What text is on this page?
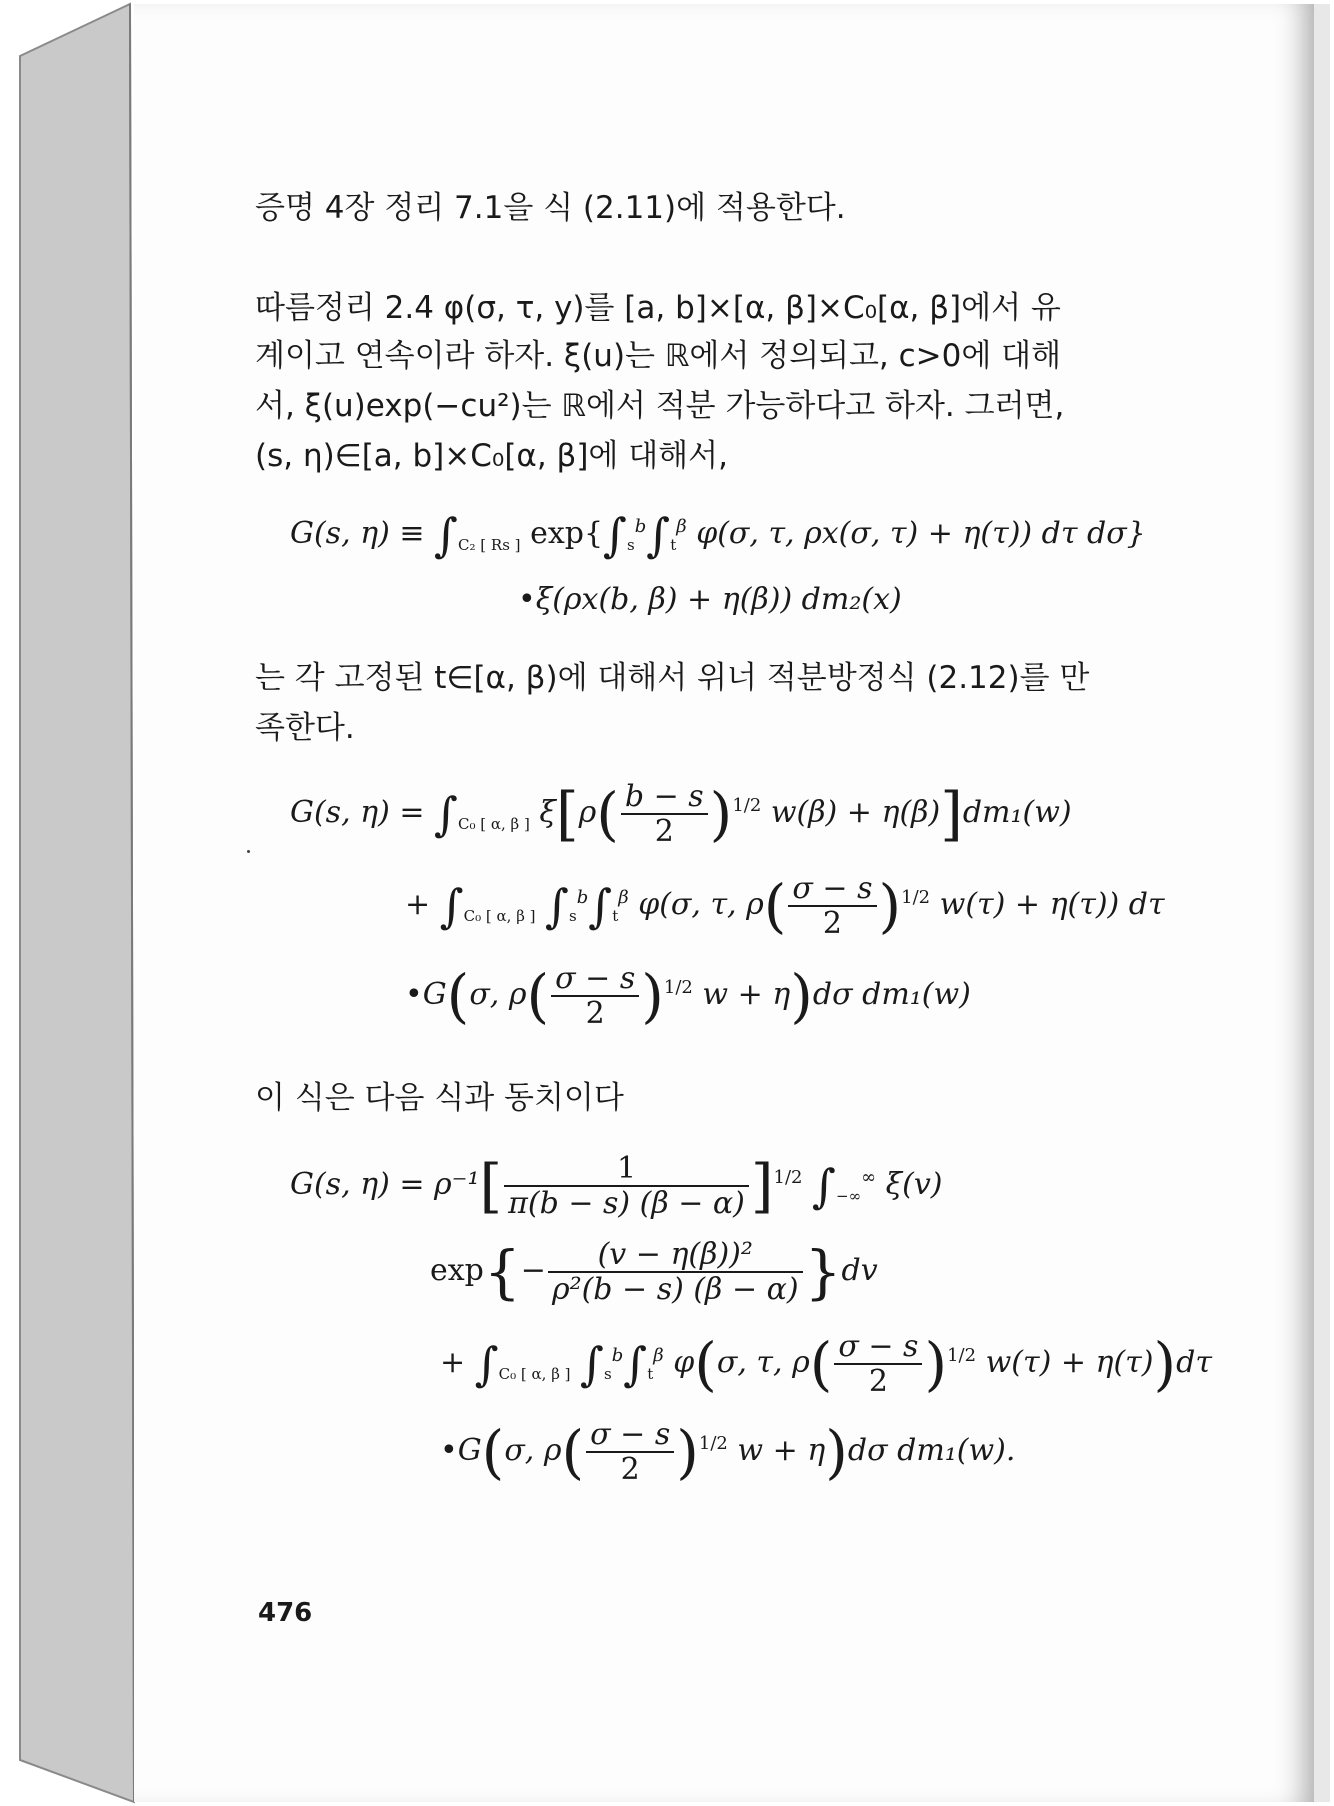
증명 4장 정리 7.1을 식 (2.11)에 적용한다.
따름정리 2.4 φ(σ, τ, y)를 [a, b]×[α, β]×C₀[α, β]에서 유
계이고 연속이라 하자. ξ(u)는 ℝ에서 정의되고, c>0에 대해
서, ξ(u)exp(−cu²)는 ℝ에서 적분 가능하다고 하자. 그러면,
(s, η)∈[a, b]×C₀[α, β]에 대해서,
G(s, $\eta) \equiv \int_{C_2 [ Rs ]}$ $\exp\{\int_s^b\int_t^\beta$ φ(σ, τ, ρx(σ, τ) + η(τ)) dτ dσ}
•ξ(ρx(b, β) + η(β)) dm₂(x)
는 각 고정된 t∈[α, β)에 대해서 위너 적분방정식 (2.12)를 만
족한다.
G(s, $\eta) = \int_{C_0 [ \alpha, \beta ]}$ $\xi[\rho( \frac{b - s}{2} )^{1/2}$ w(β) + η(β)]dm₁(w)
+ $\int_{C_0 [ \alpha, \beta ]}$ $\int_s^b\int_t^\beta$ φ(σ, τ, $\rho( \frac{\sigma - s}{2} )^{1/2}$ w(τ) + η(τ)) dτ
•G(σ, $\rho( \frac{\sigma - s}{2} )^{1/2}$ w + η)dσ dm₁(w)
이 식은 다음 식과 동치이다
G(s, $\eta) = \rho^{-1}[ \frac{1}{\pi(b - s) (\beta - \alpha)} ]^{1/2}$ $\int_{-\infty}^\infty$ ξ(v)
$\exp\{- \frac{\text{(v − η(β))²}}{\text{ρ²(b − s) (β − α)}} \}dv$
+ $\int_{C_0 [ \alpha, \beta ]}$ $\int_s^b\int_t^\beta$ φ(σ, τ, $\rho( \frac{\sigma - s}{2} )^{1/2}$ w(τ) + η(τ))dτ
•G(σ, $\rho( \frac{\sigma - s}{2} )^{1/2}$ w + η)dσ dm₁(w).
476
